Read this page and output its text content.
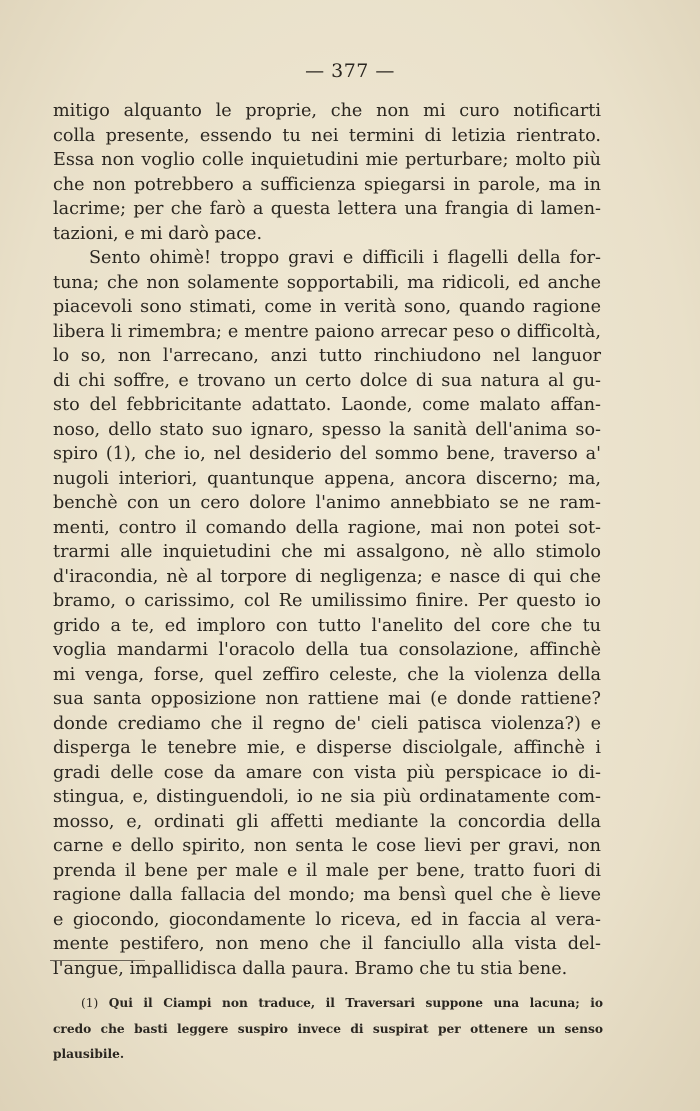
— 377 —
mitigo alquanto le proprie, che non mi curo notificarti
colla presente, essendo tu nei termini di letizia rientrato.
Essa non voglio colle inquietudini mie perturbare; molto più
che non potrebbero a sufficienza spiegarsi in parole, ma in
lacrime; per che farò a questa lettera una frangia di lamen-
tazioni, e mi darò pace.
Sento ohimè! troppo gravi e difficili i flagelli della for-
tuna; che non solamente sopportabili, ma ridicoli, ed anche
piacevoli sono stimati, come in verità sono, quando ragione
libera li rimembra; e mentre paiono arrecar peso o difficoltà,
lo so, non l'arrecano, anzi tutto rinchiudono nel languor
di chi soffre, e trovano un certo dolce di sua natura al gu-
sto del febbricitante adattato. Laonde, come malato affan-
noso, dello stato suo ignaro, spesso la sanità dell'anima so-
spiro (1), che io, nel desiderio del sommo bene, traverso a'
nugoli interiori, quantunque appena, ancora discerno; ma,
benchè con un cero dolore l'animo annebbiato se ne ram-
menti, contro il comando della ragione, mai non potei sot-
trarmi alle inquietudini che mi assalgono, nè allo stimolo
d'iracondia, nè al torpore di negligenza; e nasce di qui che
bramo, o carissimo, col Re umilissimo finire. Per questo io
grido a te, ed imploro con tutto l'anelito del core che tu
voglia mandarmi l'oracolo della tua consolazione, affinchè
mi venga, forse, quel zeffiro celeste, che la violenza della
sua santa opposizione non rattiene mai (e donde rattiene?
donde crediamo che il regno de' cieli patisca violenza?) e
disperga le tenebre mie, e disperse disciolgale, affinchè i
gradi delle cose da amare con vista più perspicace io di-
stingua, e, distinguendoli, io ne sia più ordinatamente com-
mosso, e, ordinati gli affetti mediante la concordia della
carne e dello spirito, non senta le cose lievi per gravi, non
prenda il bene per male e il male per bene, tratto fuori di
ragione dalla fallacia del mondo; ma bensì quel che è lieve
e giocondo, giocondamente lo riceva, ed in faccia al vera-
mente pestifero, non meno che il fanciullo alla vista del-
l'angue, impallidisca dalla paura. Bramo che tu stia bene.
(1) Qui il Ciampi non traduce, il Traversari suppone una lacuna; io
credo che basti leggere suspiro invece di suspirat per ottenere un senso
plausibile.
